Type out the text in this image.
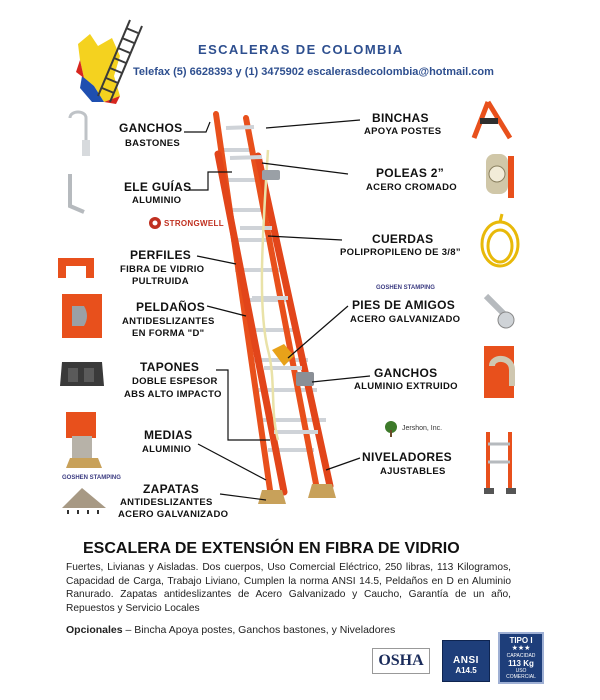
ESCALERAS DE COLOMBIA
Telefax (5) 6628393 y (1) 3475902 escalerasdecolombia@hotmail.com
GANCHOS
BASTONES
ELE GUÍAS
ALUMINIO
PERFILES
FIBRA DE VIDRIO
PULTRUIDA
PELDAÑOS
ANTIDESLIZANTES
EN FORMA "D"
TAPONES
DOBLE ESPESOR
ABS ALTO IMPACTO
MEDIAS
ALUMINIO
ZAPATAS
ANTIDESLIZANTES
ACERO GALVANIZADO
BINCHAS
APOYA POSTES
POLEAS 2”
ACERO CROMADO
CUERDAS
POLIPROPILENO DE 3/8”
PIES DE AMIGOS
ACERO GALVANIZADO
GANCHOS
ALUMINIO EXTRUIDO
NIVELADORES
AJUSTABLES
STRONGWELL
GOSHEN STAMPING
GOSHEN STAMPING
Jershon, Inc.
ESCALERA DE EXTENSIÓN EN FIBRA DE VIDRIO
Fuertes, Livianas y Aisladas. Dos cuerpos, Uso Comercial Eléctrico, 250 libras, 113 Kilogramos, Capacidad de Carga, Trabajo Liviano, Cumplen la norma ANSI 14.5, Peldaños en D en Aluminio Ranurado. Zapatas antideslizantes de Acero Galvanizado y Caucho, Garantía de un año, Repuestos y Servicio Locales
Opcionales – Bincha Apoya postes, Ganchos bastones, y Niveladores
OSHA	ANSI
A14.5
TIPO I
★★★
CAPACIDAD
113 Kg
USO
COMERCIAL
